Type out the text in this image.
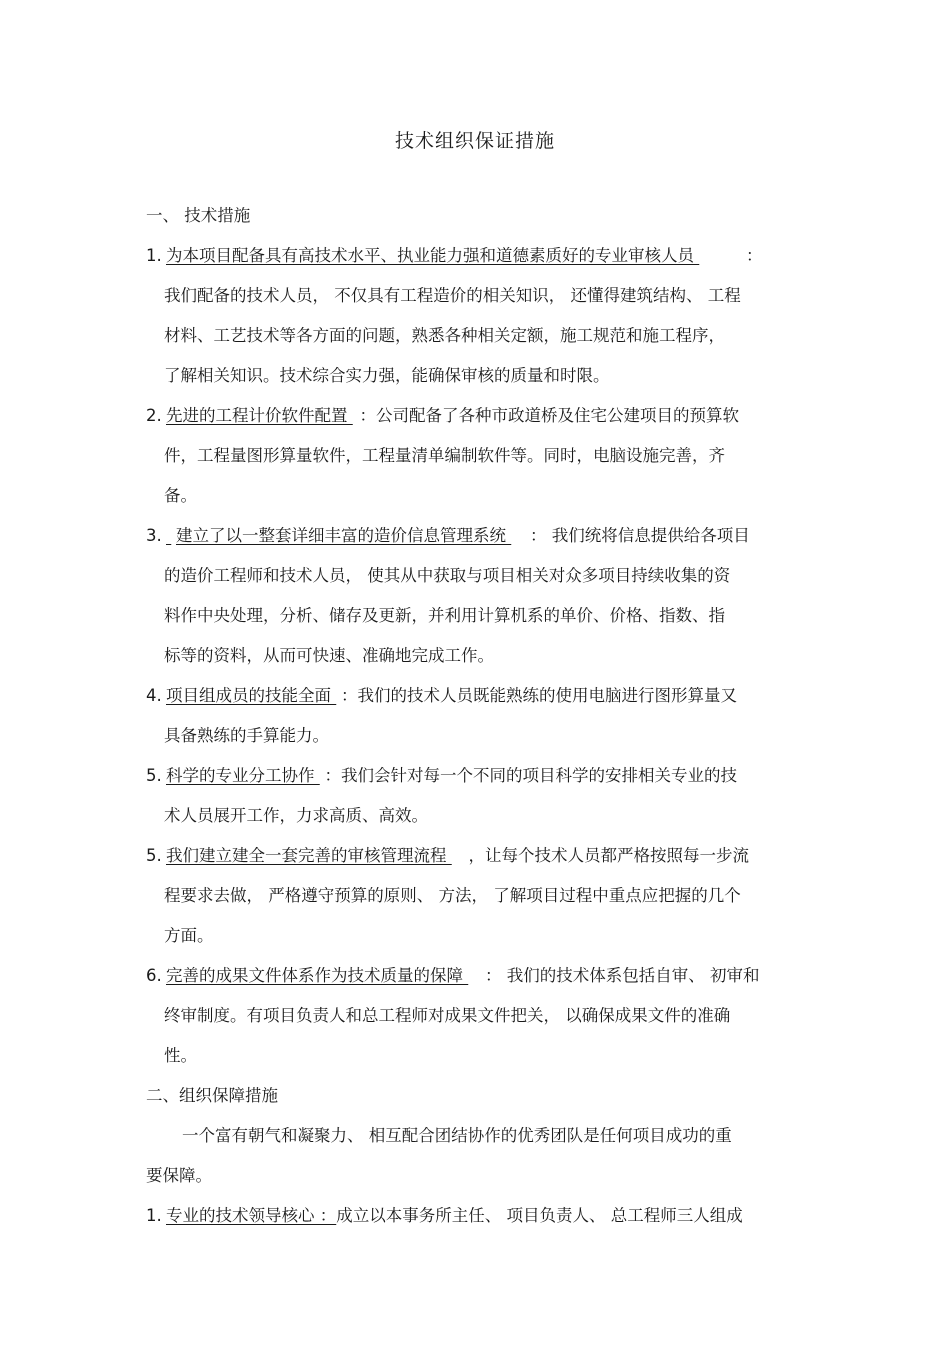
技术组织保证措施
一、 技术措施
1. 为本项目配备具有高技术水平、执业能力强和道德素质好的专业审核人员	：
我们配备的技术人员， 不仅具有工程造价的相关知识， 还懂得建筑结构、 工程
材料、工艺技术等各方面的问题，熟悉各种相关定额，施工规范和施工程序，
了解相关知识。技术综合实力强，能确保审核的质量和时限。
2. 先进的工程计价软件配置 ：公司配备了各种市政道桥及住宅公建项目的预算软
件，工程量图形算量软件，工程量清单编制软件等。同时，电脑设施完善，齐
备。
3. 建立了以一整套详细丰富的造价信息管理系统 ： 我们统将信息提供给各项目
的造价工程师和技术人员， 使其从中获取与项目相关对众多项目持续收集的资
料作中央处理，分析、储存及更新，并利用计算机系的单价、价格、指数、指
标等的资料，从而可快速、准确地完成工作。
4. 项目组成员的技能全面 ：我们的技术人员既能熟练的使用电脑进行图形算量又
具备熟练的手算能力。
5. 科学的专业分工协作 ：我们会针对每一个不同的项目科学的安排相关专业的技
术人员展开工作，力求高质、高效。
5. 我们建立建全一套完善的审核管理流程 ，让每个技术人员都严格按照每一步流
程要求去做， 严格遵守预算的原则、 方法， 了解项目过程中重点应把握的几个
方面。
6. 完善的成果文件体系作为技术质量的保障 ： 我们的技术体系包括自审、 初审和
终审制度。有项目负责人和总工程师对成果文件把关， 以确保成果文件的准确
性。
二、组织保障措施
一个富有朝气和凝聚力、 相互配合团结协作的优秀团队是任何项目成功的重
要保障。
1. 专业的技术领导核心 ：成立以本事务所主任、 项目负责人、 总工程师三人组成
